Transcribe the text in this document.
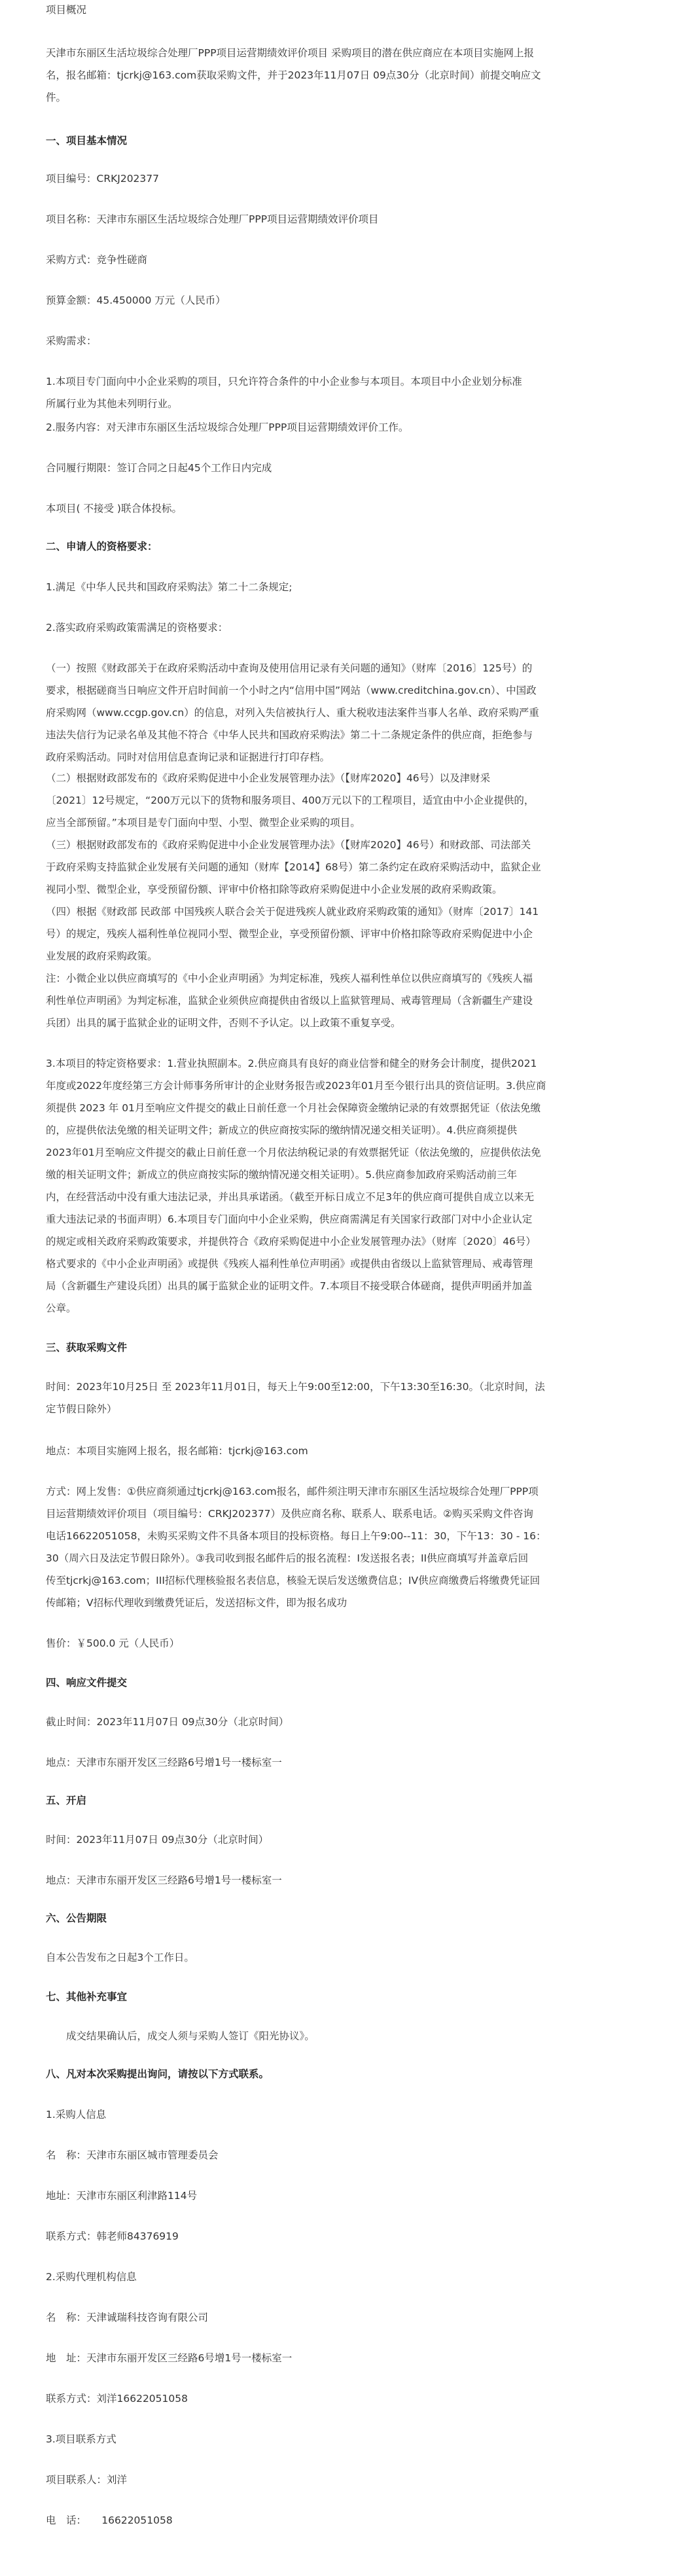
项目概况
天津市东丽区生活垃圾综合处理厂PPP项目运营期绩效评价项目 采购项目的潜在供应商应在本项目实施网上报
名，报名邮箱：tjcrkj@163.com获取采购文件，并于2023年11月07日 09点30分（北京时间）前提交响应文
件。
一、项目基本情况
项目编号：CRKJ202377
项目名称：天津市东丽区生活垃圾综合处理厂PPP项目运营期绩效评价项目
采购方式：竞争性磋商
预算金额：45.450000 万元（人民币）
采购需求：
1.本项目专门面向中小企业采购的项目，只允许符合条件的中小企业参与本项目。本项目中小企业划分标准
所属行业为其他未列明行业。
2.服务内容：对天津市东丽区生活垃圾综合处理厂PPP项目运营期绩效评价工作。
合同履行期限：签订合同之日起45个工作日内完成
本项目( 不接受 )联合体投标。
二、申请人的资格要求：
1.满足《中华人民共和国政府采购法》第二十二条规定;
2.落实政府采购政策需满足的资格要求：
（一）按照《财政部关于在政府采购活动中查询及使用信用记录有关问题的通知》（财库〔2016〕125号）的
要求，根据磋商当日响应文件开启时间前一个小时之内“信用中国”网站（www.creditchina.gov.cn）、中国政
府采购网（www.ccgp.gov.cn）的信息，对列入失信被执行人、重大税收违法案件当事人名单、政府采购严重
违法失信行为记录名单及其他不符合《中华人民共和国政府采购法》第二十二条规定条件的供应商，拒绝参与
政府采购活动。同时对信用信息查询记录和证据进行打印存档。
（二）根据财政部发布的《政府采购促进中小企业发展管理办法》（【财库2020】46号）以及津财采
〔2021〕12号规定，“200万元以下的货物和服务项目、400万元以下的工程项目，适宜由中小企业提供的，
应当全部预留。”本项目是专门面向中型、小型、微型企业采购的项目。
（三）根据财政部发布的《政府采购促进中小企业发展管理办法》（【财库2020】46号）和财政部、司法部关
于政府采购支持监狱企业发展有关问题的通知（财库【2014】68号）第二条约定在政府采购活动中，监狱企业
视同小型、微型企业，享受预留份额、评审中价格扣除等政府采购促进中小企业发展的政府采购政策。
（四）根据《财政部 民政部 中国残疾人联合会关于促进残疾人就业政府采购政策的通知》（财库〔2017〕141
号）的规定，残疾人福利性单位视同小型、微型企业，享受预留份额、评审中价格扣除等政府采购促进中小企
业发展的政府采购政策。
注：小微企业以供应商填写的《中小企业声明函》为判定标准，残疾人福利性单位以供应商填写的《残疾人福
利性单位声明函》为判定标准，监狱企业须供应商提供由省级以上监狱管理局、戒毒管理局（含新疆生产建设
兵团）出具的属于监狱企业的证明文件，否则不予认定。以上政策不重复享受。
3.本项目的特定资格要求：1.营业执照副本。2.供应商具有良好的商业信誉和健全的财务会计制度，提供2021
年度或2022年度经第三方会计师事务所审计的企业财务报告或2023年01月至今银行出具的资信证明。3.供应商
须提供 2023 年 01月至响应文件提交的截止日前任意一个月社会保障资金缴纳记录的有效票据凭证（依法免缴
的，应提供依法免缴的相关证明文件；新成立的供应商按实际的缴纳情况递交相关证明）。4.供应商须提供
2023年01月至响应文件提交的截止日前任意一个月依法纳税记录的有效票据凭证（依法免缴的，应提供依法免
缴的相关证明文件；新成立的供应商按实际的缴纳情况递交相关证明）。5.供应商参加政府采购活动前三年
内，在经营活动中没有重大违法记录，并出具承诺函。（截至开标日成立不足3年的供应商可提供自成立以来无
重大违法记录的书面声明）6.本项目专门面向中小企业采购，供应商需满足有关国家行政部门对中小企业认定
的规定或相关政府采购政策要求，并提供符合《政府采购促进中小企业发展管理办法》（财库〔2020〕46号）
格式要求的《中小企业声明函》或提供《残疾人福利性单位声明函》或提供由省级以上监狱管理局、戒毒管理
局（含新疆生产建设兵团）出具的属于监狱企业的证明文件。7.本项目不接受联合体磋商，提供声明函并加盖
公章。
三、获取采购文件
时间：2023年10月25日 至 2023年11月01日，每天上午9:00至12:00，下午13:30至16:30。（北京时间，法
定节假日除外）
地点：本项目实施网上报名，报名邮箱：tjcrkj@163.com
方式：网上发售：①供应商须通过tjcrkj@163.com报名，邮件须注明天津市东丽区生活垃圾综合处理厂PPP项
目运营期绩效评价项目（项目编号：CRKJ202377）及供应商名称、联系人、联系电话。②购买采购文件咨询
电话16622051058，未购买采购文件不具备本项目的投标资格。每日上午9:00--11：30，下午13：30 - 16：
30（周六日及法定节假日除外）。③我司收到报名邮件后的报名流程：I发送报名表；II供应商填写并盖章后回
传至tjcrkj@163.com；III招标代理核验报名表信息，核验无误后发送缴费信息；IV供应商缴费后将缴费凭证回
传邮箱；V招标代理收到缴费凭证后，发送招标文件，即为报名成功
售价：￥500.0 元（人民币）
四、响应文件提交
截止时间：2023年11月07日 09点30分（北京时间）
地点：天津市东丽开发区三经路6号增1号一楼标室一
五、开启
时间：2023年11月07日 09点30分（北京时间）
地点：天津市东丽开发区三经路6号增1号一楼标室一
六、公告期限
自本公告发布之日起3个工作日。
七、其他补充事宜
　　成交结果确认后，成交人须与采购人签订《阳光协议》。
八、凡对本次采购提出询问，请按以下方式联系。
1.采购人信息
名　称：天津市东丽区城市管理委员会
地址：天津市东丽区利津路114号
联系方式：韩老师84376919
2.采购代理机构信息
名　称：天津诚瑞科技咨询有限公司
地　址：天津市东丽开发区三经路6号增1号一楼标室一
联系方式：刘洋16622051058
3.项目联系方式
项目联系人：刘洋
电　话：　　16622051058
